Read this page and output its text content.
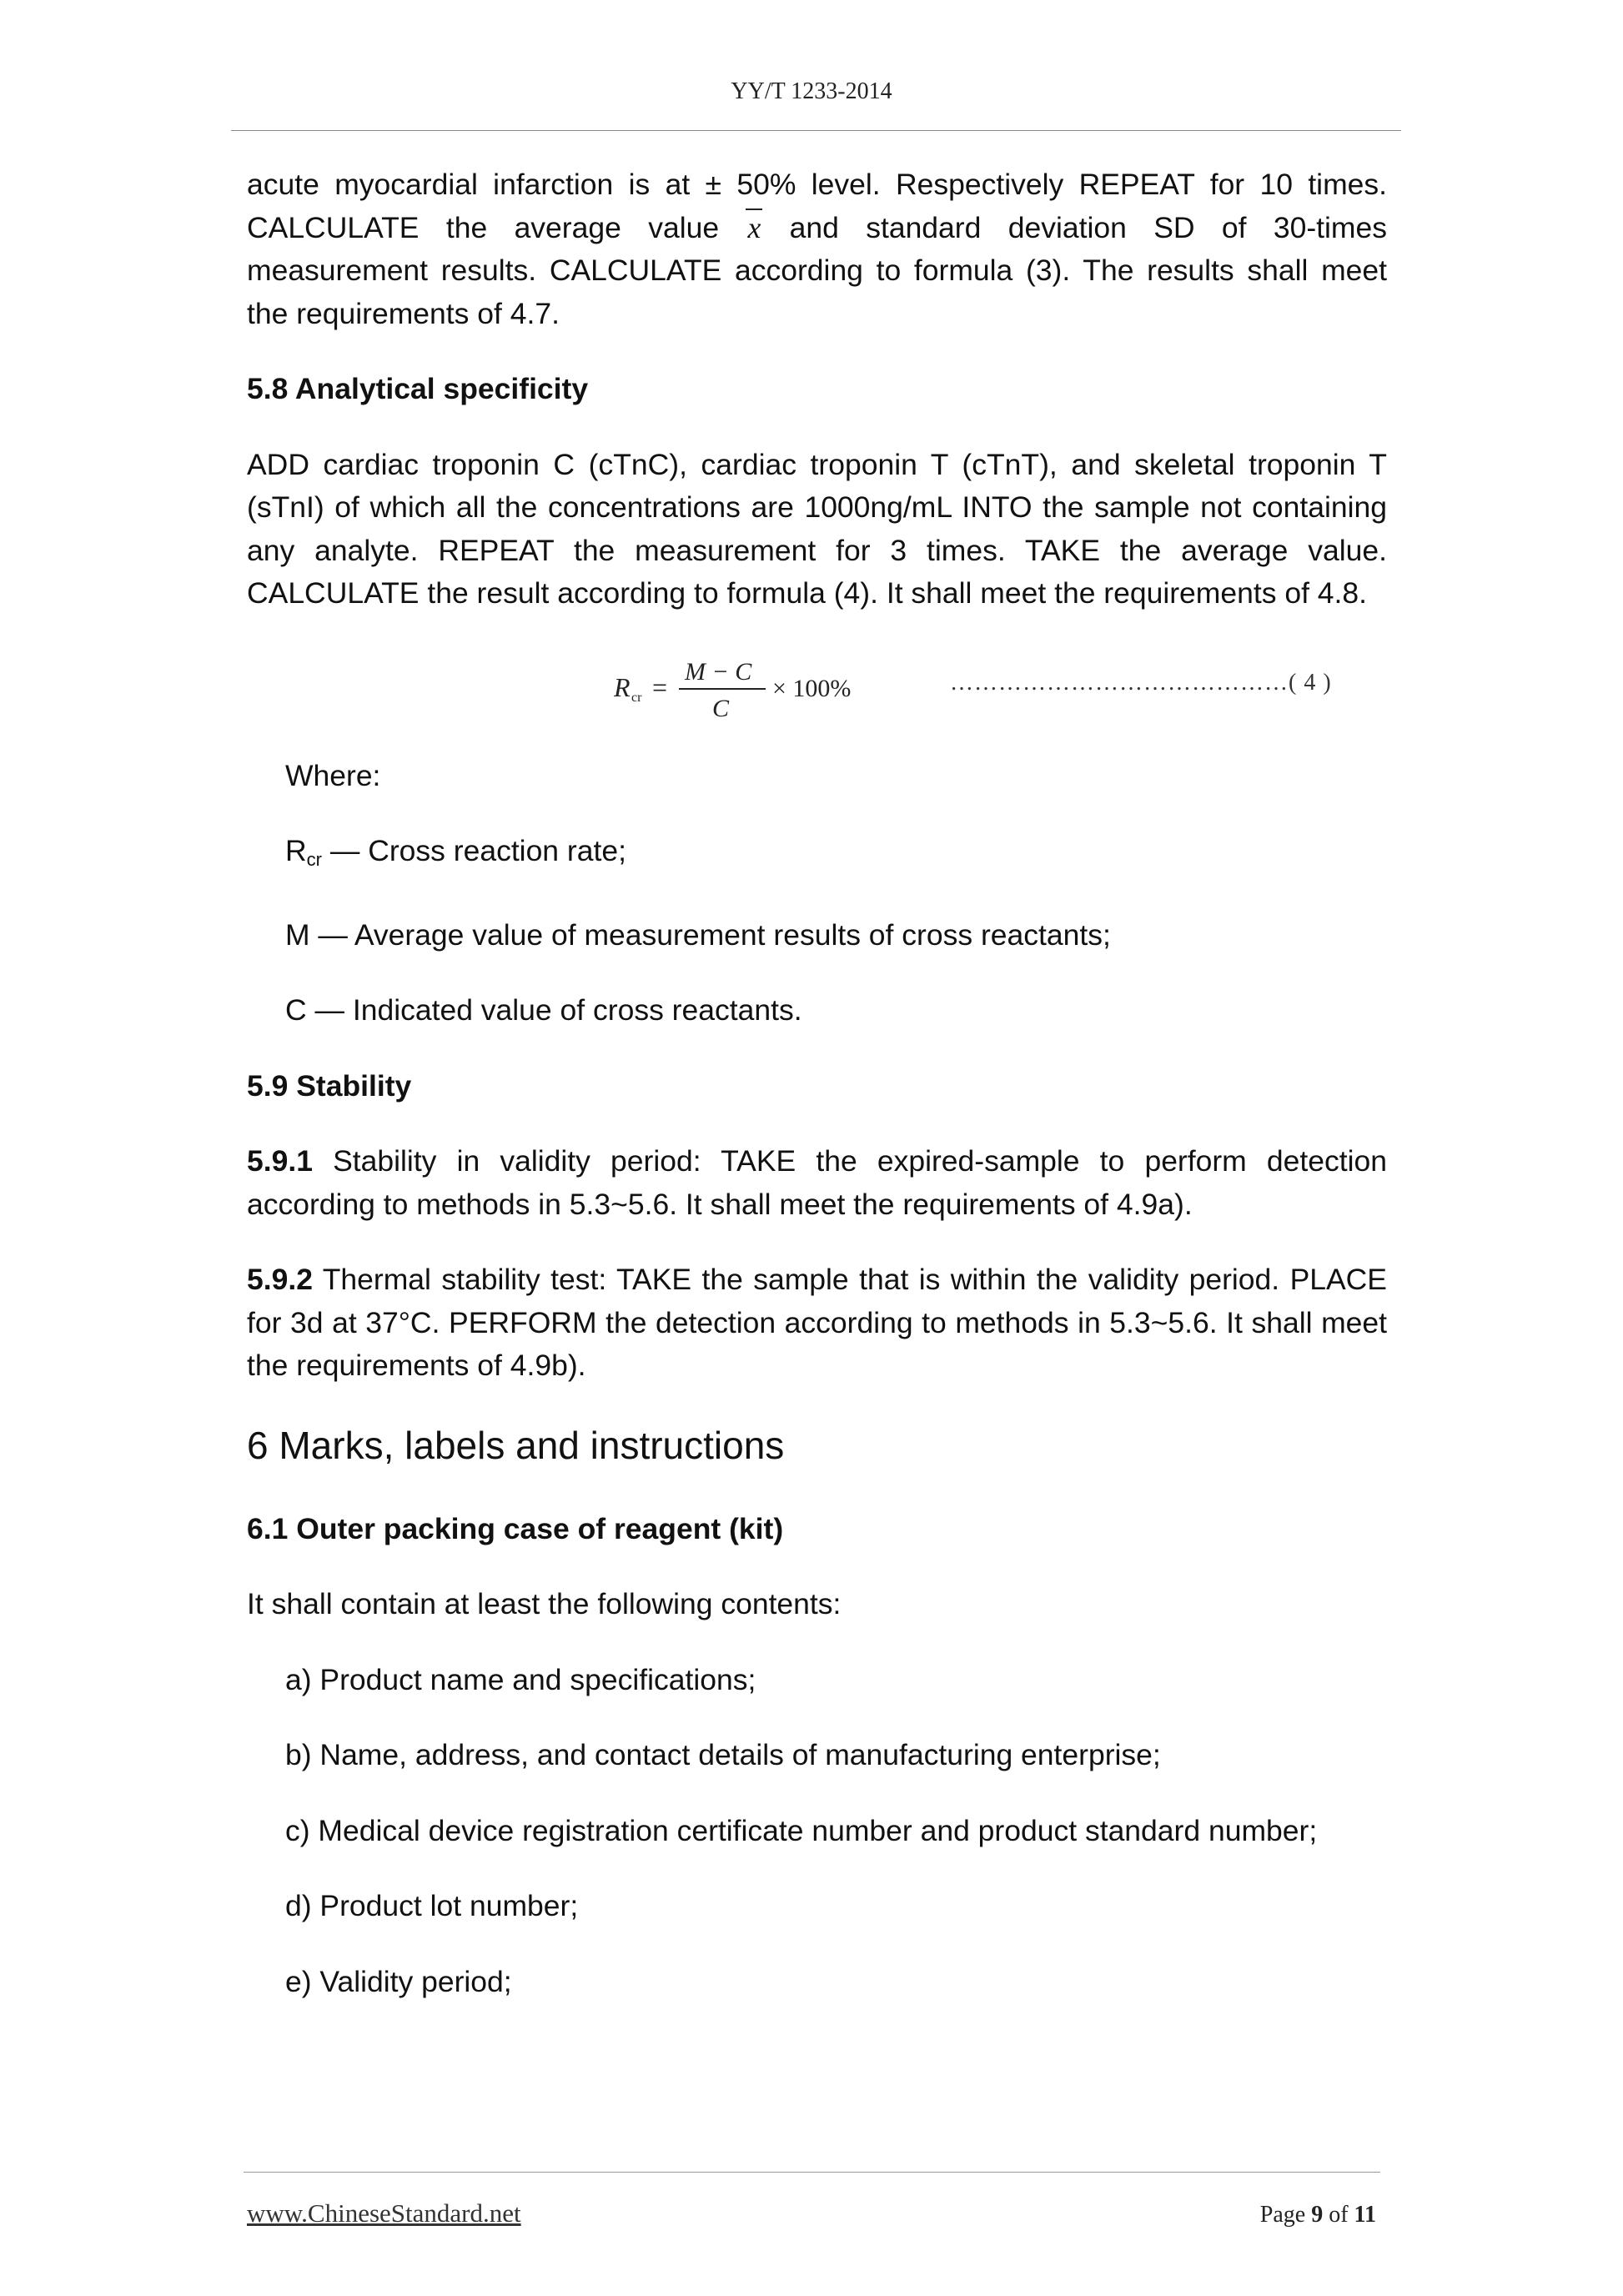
YY/T 1233-2014

acute myocardial infarction is at ± 50% level. Respectively REPEAT for 10 times. CALCULATE the average value x and standard deviation SD of 30-times measurement results. CALCULATE according to formula (3). The results shall meet the requirements of 4.7.

5.8 Analytical specificity

ADD cardiac troponin C (cTnC), cardiac troponin T (cTnT), and skeletal troponin T (sTnI) of which all the concentrations are 1000ng/mL INTO the sample not containing any analyte. REPEAT the measurement for 3 times. TAKE the average value. CALCULATE the result according to formula (4). It shall meet the requirements of 4.8.

R cr =
M − C
C
× 100%	……………………………………( 4 )

Where:

$R_{cr}$ — Cross reaction rate;

M — Average value of measurement results of cross reactants;

C — Indicated value of cross reactants.

5.9 Stability

5.9.1 Stability in validity period: TAKE the expired-sample to perform detection according to methods in 5.3~5.6. It shall meet the requirements of 4.9a).

5.9.2 Thermal stability test: TAKE the sample that is within the validity period. PLACE for 3d at 37°C. PERFORM the detection according to methods in 5.3~5.6. It shall meet the requirements of 4.9b).

6 Marks, labels and instructions
6.1 Outer packing case of reagent (kit)

It shall contain at least the following contents:

a) Product name and specifications;

b) Name, address, and contact details of manufacturing enterprise;

c) Medical device registration certificate number and product standard number;

d) Product lot number;

e) Validity period;

www.ChineseStandard.net	Page 9 of 11
